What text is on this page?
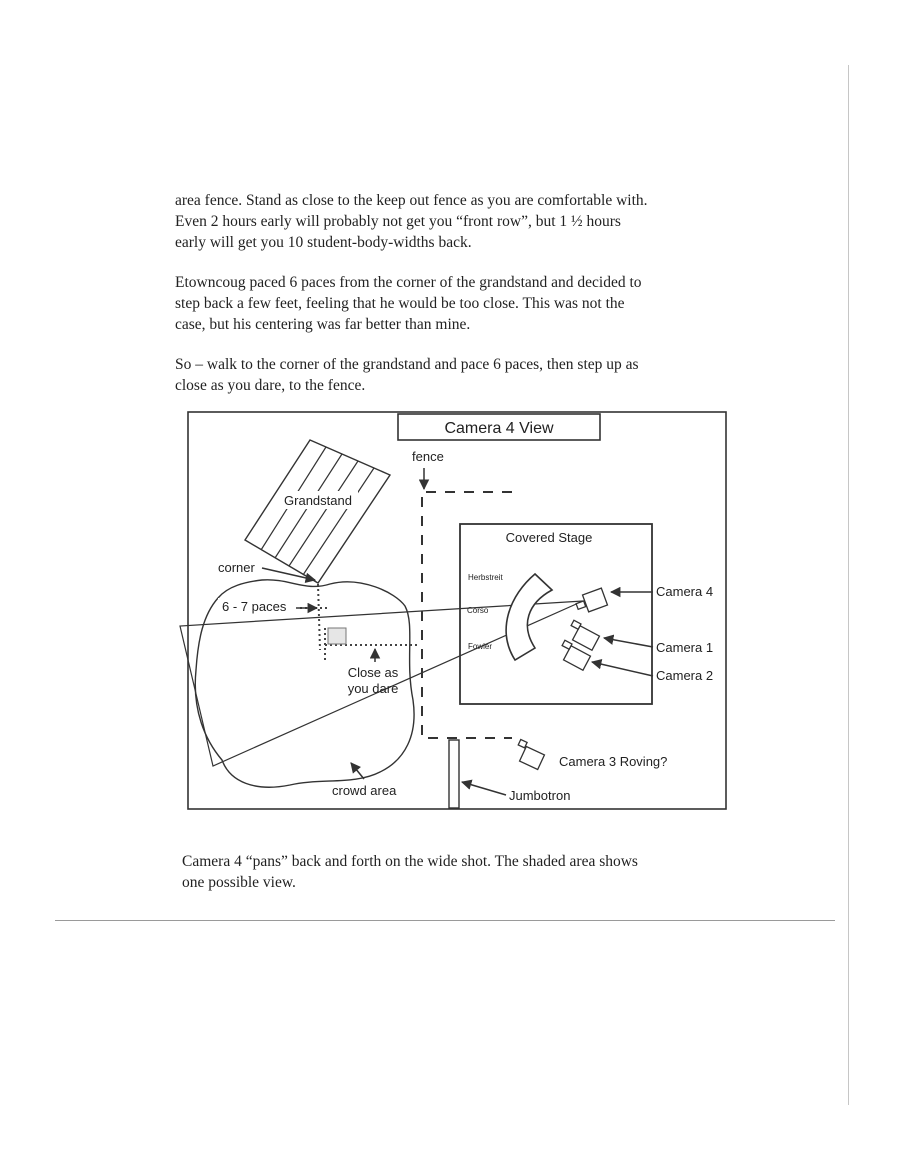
area fence. Stand as close to the keep out fence as you are comfortable with.
Even 2 hours early will probably not get you “front row”, but 1 ½ hours
early will get you 10 student-body-widths back.

Etowncoug paced 6 paces from the corner of the grandstand and decided to
step back a few feet, feeling that he would be too close. This was not the
case, but his centering was far better than mine.

So – walk to the corner of the grandstand and pace 6 paces, then step up as
close as you dare, to the fence.

Camera 4 View
Grandstand
Covered Stage
Herbstreit
Corso
Fowler
fence
corner
6 - 7 paces
Close as
you dare
crowd area
Camera 4
Camera 1
Camera 2
Camera 3 Roving?
Jumbotron

Camera 4 “pans” back and forth on the wide shot. The shaded area shows
one possible view.
